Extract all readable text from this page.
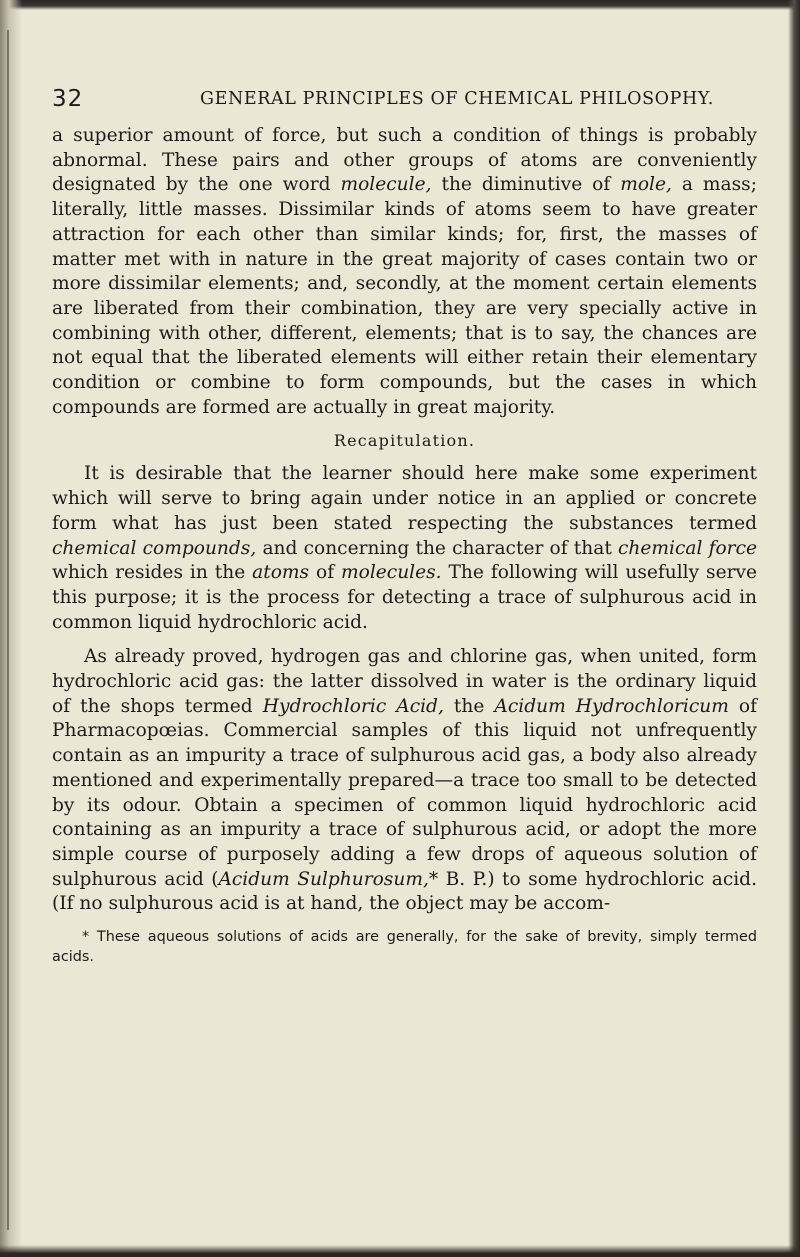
32	GENERAL PRINCIPLES OF CHEMICAL PHILOSOPHY.

a superior amount of force, but such a condition of things is probably abnormal. These pairs and other groups of atoms are conveniently designated by the one word molecule, the diminutive of mole, a mass; literally, little masses. Dissimilar kinds of atoms seem to have greater attraction for each other than similar kinds; for, first, the masses of matter met with in nature in the great majority of cases contain two or more dissimilar elements; and, secondly, at the moment certain elements are liberated from their combination, they are very specially active in combining with other, different, elements; that is to say, the chances are not equal that the liberated elements will either retain their elementary condition or combine to form compounds, but the cases in which compounds are formed are actually in great majority.

Recapitulation.

It is desirable that the learner should here make some experiment which will serve to bring again under notice in an applied or concrete form what has just been stated respecting the substances termed chemical compounds, and concerning the character of that chemical force which resides in the atoms of molecules. The following will usefully serve this purpose; it is the process for detecting a trace of sulphurous acid in common liquid hydrochloric acid.

As already proved, hydrogen gas and chlorine gas, when united, form hydrochloric acid gas: the latter dissolved in water is the ordinary liquid of the shops termed Hydrochloric Acid, the Acidum Hydrochloricum of Pharmacopœias. Commercial samples of this liquid not unfrequently contain as an impurity a trace of sulphurous acid gas, a body also already mentioned and experimentally prepared—a trace too small to be detected by its odour. Obtain a specimen of common liquid hydrochloric acid containing as an impurity a trace of sulphurous acid, or adopt the more simple course of purposely adding a few drops of aqueous solution of sulphurous acid (Acidum Sulphurosum,* B. P.) to some hydrochloric acid. (If no sulphurous acid is at hand, the object may be accom-

* These aqueous solutions of acids are generally, for the sake of brevity, simply termed acids.
